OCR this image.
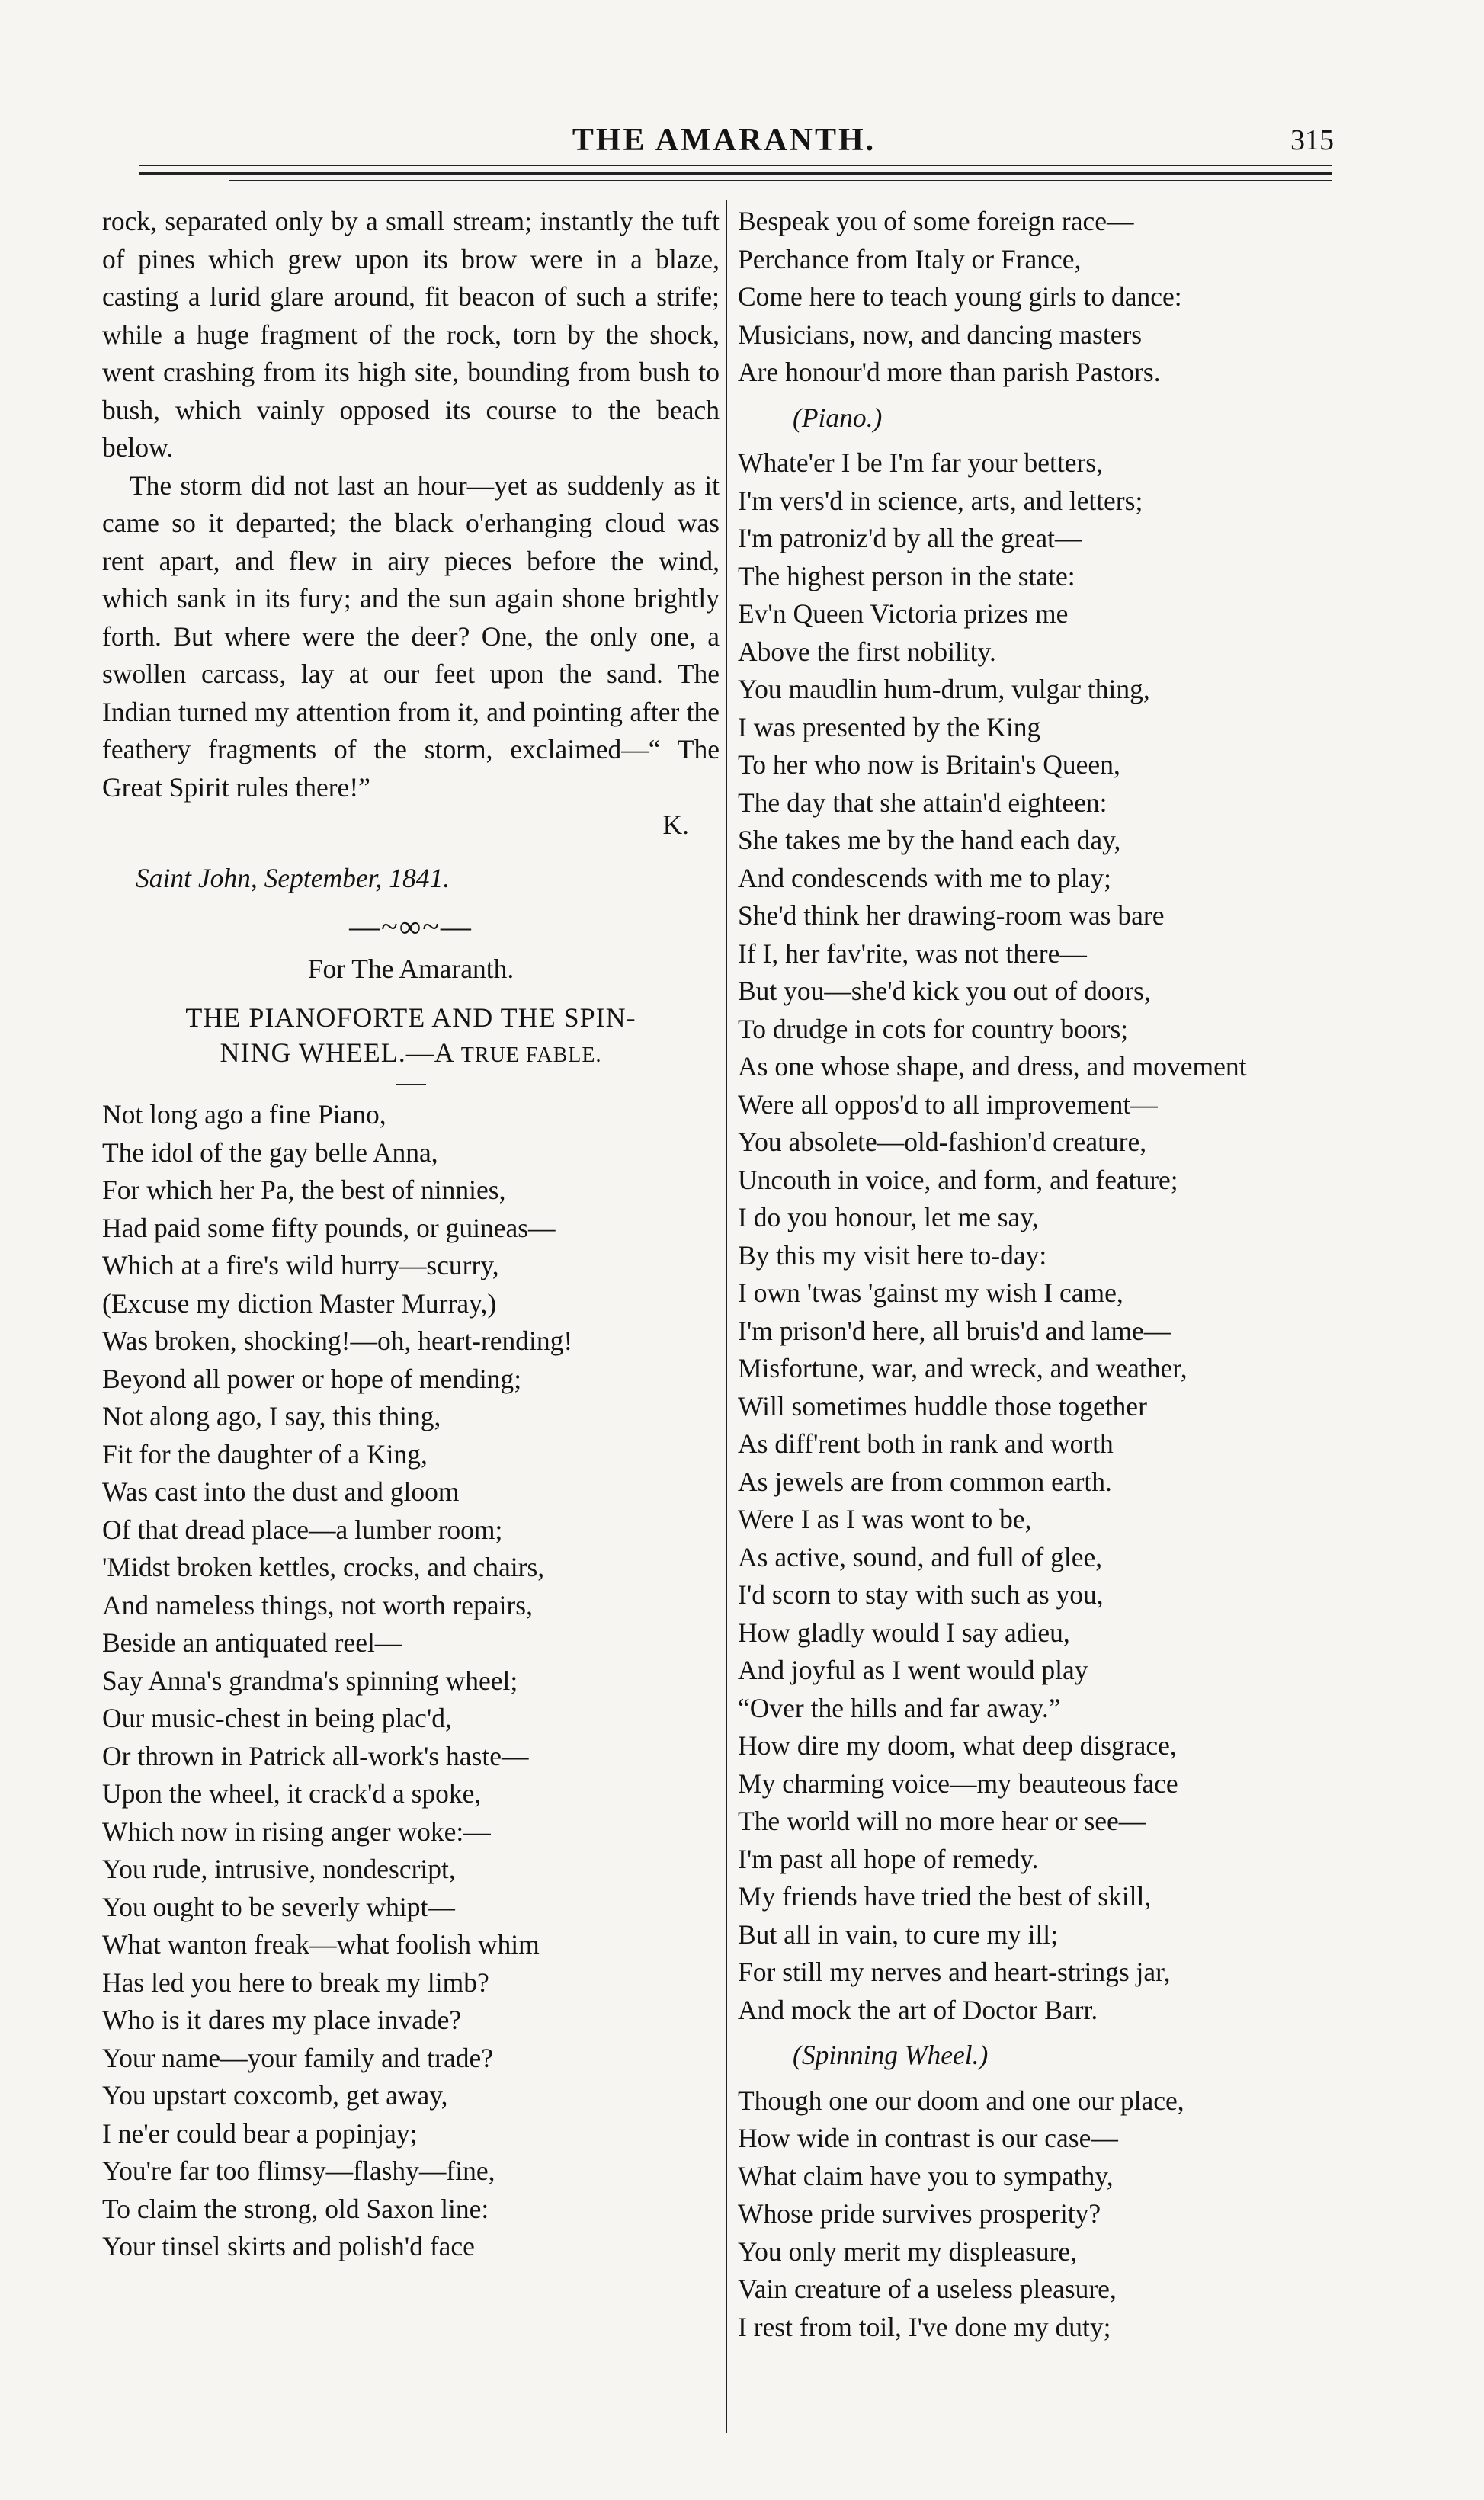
THE AMARANTH.	315

rock, separated only by a small stream; instantly the tuft of pines which grew upon its brow were in a blaze, casting a lurid glare around, fit beacon of such a strife; while a huge fragment of the rock, torn by the shock, went crashing from its high site, bounding from bush to bush, which vainly opposed its course to the beach below.

The storm did not last an hour—yet as suddenly as it came so it departed; the black o'erhanging cloud was rent apart, and flew in airy pieces before the wind, which sank in its fury; and the sun again shone brightly forth. But where were the deer? One, the only one, a swollen carcass, lay at our feet upon the sand. The Indian turned my attention from it, and pointing after the feathery fragments of the storm, exclaimed—“ The Great Spirit rules there!”

K.
Saint John, September, 1841.
—~∞~—
For The Amaranth.
THE PIANOFORTE AND THE SPIN-
NING WHEEL.—A TRUE FABLE.
Not long ago a fine Piano,
The idol of the gay belle Anna,
For which her Pa, the best of ninnies,
Had paid some fifty pounds, or guineas—
Which at a fire's wild hurry—scurry,
(Excuse my diction Master Murray,)
Was broken, shocking!—oh, heart-rending!
Beyond all power or hope of mending;
Not along ago, I say, this thing,
Fit for the daughter of a King,
Was cast into the dust and gloom
Of that dread place—a lumber room;
'Midst broken kettles, crocks, and chairs,
And nameless things, not worth repairs,
Beside an antiquated reel—
Say Anna's grandma's spinning wheel;
Our music-chest in being plac'd,
Or thrown in Patrick all-work's haste—
Upon the wheel, it crack'd a spoke,
Which now in rising anger woke:—
You rude, intrusive, nondescript,
You ought to be severly whipt—
What wanton freak—what foolish whim
Has led you here to break my limb?
Who is it dares my place invade?
Your name—your family and trade?
You upstart coxcomb, get away,
I ne'er could bear a popinjay;
You're far too flimsy—flashy—fine,
To claim the strong, old Saxon line:
Your tinsel skirts and polish'd face
Bespeak you of some foreign race—
Perchance from Italy or France,
Come here to teach young girls to dance:
Musicians, now, and dancing masters
Are honour'd more than parish Pastors.
(Piano.)
Whate'er I be I'm far your betters,
I'm vers'd in science, arts, and letters;
I'm patroniz'd by all the great—
The highest person in the state:
Ev'n Queen Victoria prizes me
Above the first nobility.
You maudlin hum-drum, vulgar thing,
I was presented by the King
To her who now is Britain's Queen,
The day that she attain'd eighteen:
She takes me by the hand each day,
And condescends with me to play;
She'd think her drawing-room was bare
If I, her fav'rite, was not there—
But you—she'd kick you out of doors,
To drudge in cots for country boors;
As one whose shape, and dress, and movement
Were all oppos'd to all improvement—
You absolete—old-fashion'd creature,
Uncouth in voice, and form, and feature;
I do you honour, let me say,
By this my visit here to-day:
I own 'twas 'gainst my wish I came,
I'm prison'd here, all bruis'd and lame—
Misfortune, war, and wreck, and weather,
Will sometimes huddle those together
As diff'rent both in rank and worth
As jewels are from common earth.
Were I as I was wont to be,
As active, sound, and full of glee,
I'd scorn to stay with such as you,
How gladly would I say adieu,
And joyful as I went would play
“Over the hills and far away.”
How dire my doom, what deep disgrace,
My charming voice—my beauteous face
The world will no more hear or see—
I'm past all hope of remedy.
My friends have tried the best of skill,
But all in vain, to cure my ill;
For still my nerves and heart-strings jar,
And mock the art of Doctor Barr.
(Spinning Wheel.)
Though one our doom and one our place,
How wide in contrast is our case—
What claim have you to sympathy,
Whose pride survives prosperity?
You only merit my displeasure,
Vain creature of a useless pleasure,
I rest from toil, I've done my duty;
